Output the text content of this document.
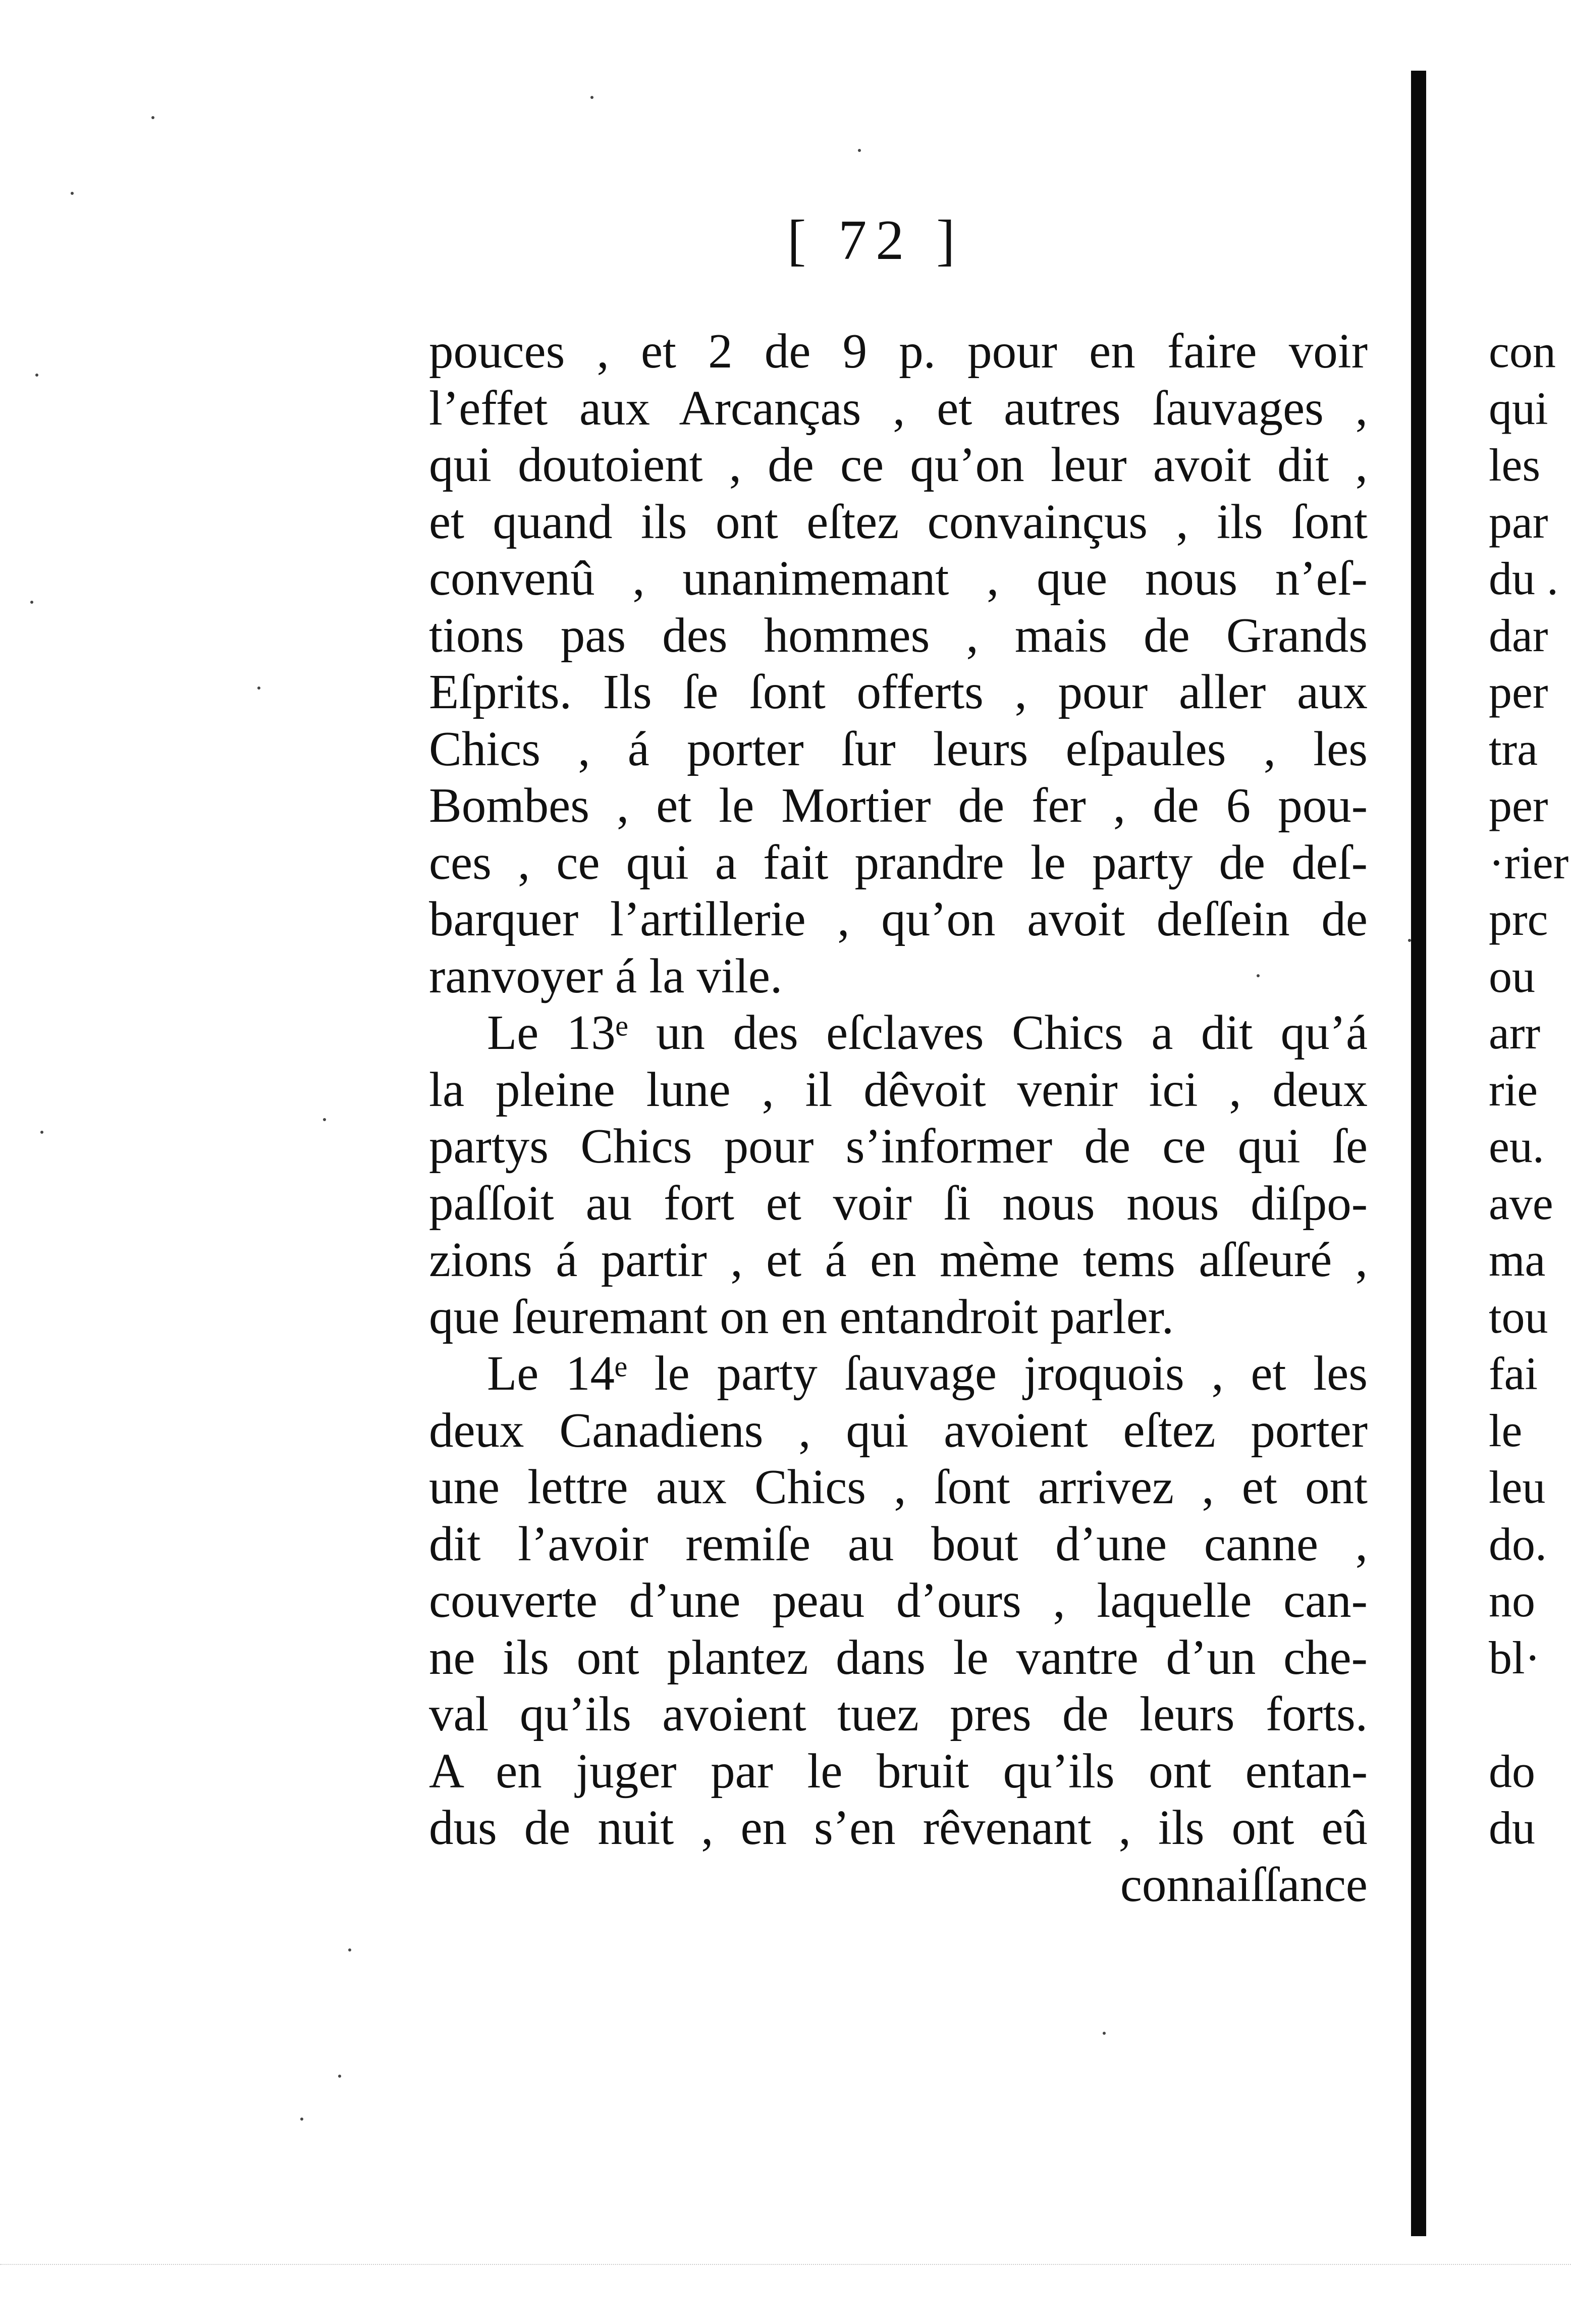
[ 72 ]
pouces , et 2 de 9 p. pour en faire voir
l’effet aux Arcanças , et autres ſauvages ,
qui doutoient , de ce qu’on leur avoit dit ,
et quand ils ont eſtez convainçus , ils ſont
convenû , unanimemant , que nous n’eſ-
tions pas des hommes , mais de Grands
Eſprits. Ils ſe ſont offerts , pour aller aux
Chics , á porter ſur leurs eſpaules , les
Bombes , et le Mortier de fer , de 6 pou-
ces , ce qui a fait prandre le party de deſ-
barquer l’artillerie , qu’on avoit deſſein de
ranvoyer á la vile.
Le 13ᵉ un des eſclaves Chics a dit qu’á
la pleine lune , il dêvoit venir ici , deux
partys Chics pour s’informer de ce qui ſe
paſſoit au fort et voir ſi nous nous diſpo-
zions á partir , et á en mème tems aſſeuré ,
que ſeuremant on en entandroit parler.
Le 14ᵉ le party ſauvage jroquois , et les
deux Canadiens , qui avoient eſtez porter
une lettre aux Chics , ſont arrivez , et ont
dit l’avoir remiſe au bout d’une canne ,
couverte d’une peau d’ours , laquelle can-
ne ils ont plantez dans le vantre d’un che-
val qu’ils avoient tuez pres de leurs forts.
A en juger par le bruit qu’ils ont entan-
dus de nuit , en s’en rêvenant , ils ont eû
connaiſſance
con
qui
les
par
du .
dar
per
tra
per
·rier
prc
ou
arr
rie
eu.
ave
ma
tou
fai
le
leu
do.
no
bl·
do
du
